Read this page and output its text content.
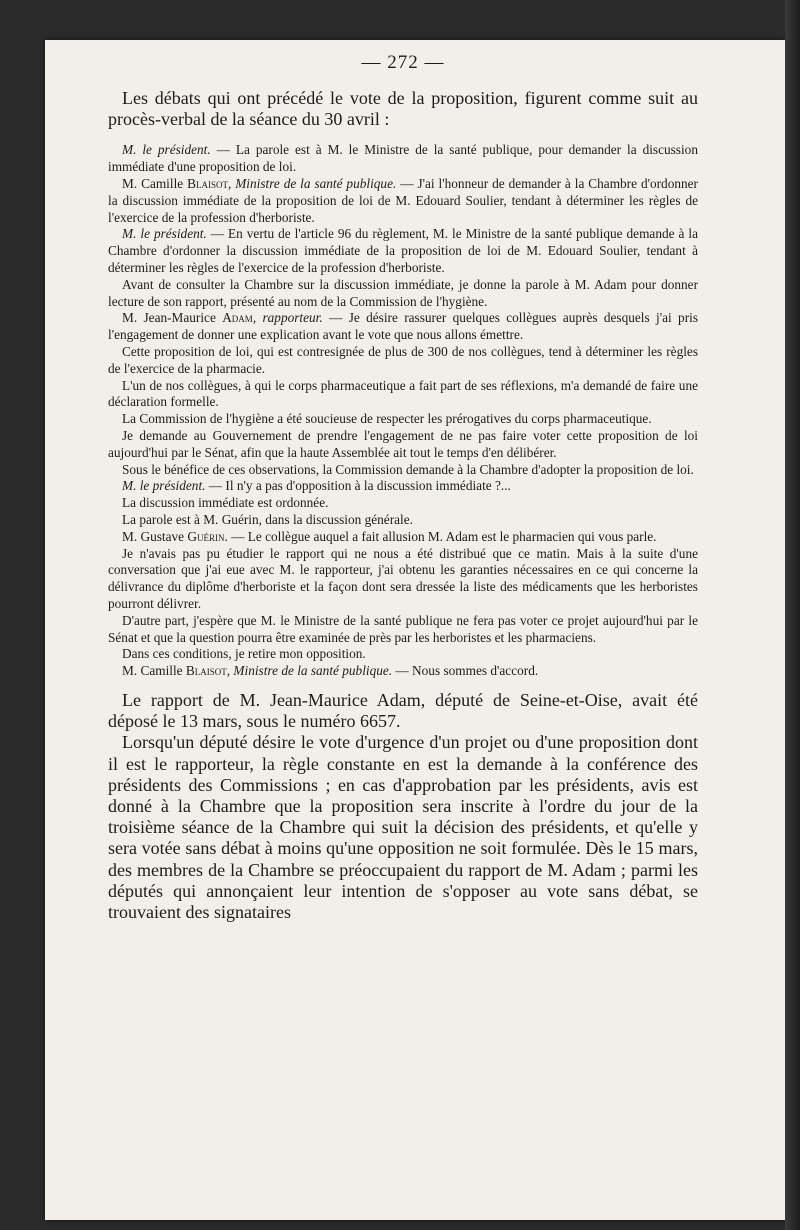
— 272 —

Les débats qui ont précédé le vote de la proposition, figurent comme suit au procès-verbal de la séance du 30 avril :

M. le président. — La parole est à M. le Ministre de la santé publique, pour demander la discussion immédiate d'une proposition de loi.

M. Camille Blaisot, Ministre de la santé publique. — J'ai l'honneur de demander à la Chambre d'ordonner la discussion immédiate de la proposition de loi de M. Edouard Soulier, tendant à déterminer les règles de l'exercice de la profession d'herboriste.

M. le président. — En vertu de l'article 96 du règlement, M. le Ministre de la santé publique demande à la Chambre d'ordonner la discussion immédiate de la proposition de loi de M. Edouard Soulier, tendant à déterminer les règles de l'exercice de la profession d'herboriste.

Avant de consulter la Chambre sur la discussion immédiate, je donne la parole à M. Adam pour donner lecture de son rapport, présenté au nom de la Commission de l'hygiène.

M. Jean-Maurice Adam, rapporteur. — Je désire rassurer quelques collègues auprès desquels j'ai pris l'engagement de donner une explication avant le vote que nous allons émettre.

Cette proposition de loi, qui est contresignée de plus de 300 de nos collègues, tend à déterminer les règles de l'exercice de la pharmacie.

L'un de nos collègues, à qui le corps pharmaceutique a fait part de ses réflexions, m'a demandé de faire une déclaration formelle.

La Commission de l'hygiène a été soucieuse de respecter les prérogatives du corps pharmaceutique.

Je demande au Gouvernement de prendre l'engagement de ne pas faire voter cette proposition de loi aujourd'hui par le Sénat, afin que la haute Assemblée ait tout le temps d'en délibérer.

Sous le bénéfice de ces observations, la Commission demande à la Chambre d'adopter la proposition de loi.

M. le président. — Il n'y a pas d'opposition à la discussion immédiate ?...

La discussion immédiate est ordonnée.

La parole est à M. Guérin, dans la discussion générale.

M. Gustave Guérin. — Le collègue auquel a fait allusion M. Adam est le pharmacien qui vous parle.

Je n'avais pas pu étudier le rapport qui ne nous a été distribué que ce matin. Mais à la suite d'une conversation que j'ai eue avec M. le rapporteur, j'ai obtenu les garanties nécessaires en ce qui concerne la délivrance du diplôme d'herboriste et la façon dont sera dressée la liste des médicaments que les herboristes pourront délivrer.

D'autre part, j'espère que M. le Ministre de la santé publique ne fera pas voter ce projet aujourd'hui par le Sénat et que la question pourra être examinée de près par les herboristes et les pharmaciens.

Dans ces conditions, je retire mon opposition.

M. Camille Blaisot, Ministre de la santé publique. — Nous sommes d'accord.

Le rapport de M. Jean-Maurice Adam, député de Seine-et-Oise, avait été déposé le 13 mars, sous le numéro 6657.

Lorsqu'un député désire le vote d'urgence d'un projet ou d'une proposition dont il est le rapporteur, la règle constante en est la demande à la conférence des présidents des Commissions ; en cas d'approbation par les présidents, avis est donné à la Chambre que la proposition sera inscrite à l'ordre du jour de la troisième séance de la Chambre qui suit la décision des présidents, et qu'elle y sera votée sans débat à moins qu'une opposition ne soit formulée. Dès le 15 mars, des membres de la Chambre se préoccupaient du rapport de M. Adam ; parmi les députés qui annonçaient leur intention de s'opposer au vote sans débat, se trouvaient des signataires
